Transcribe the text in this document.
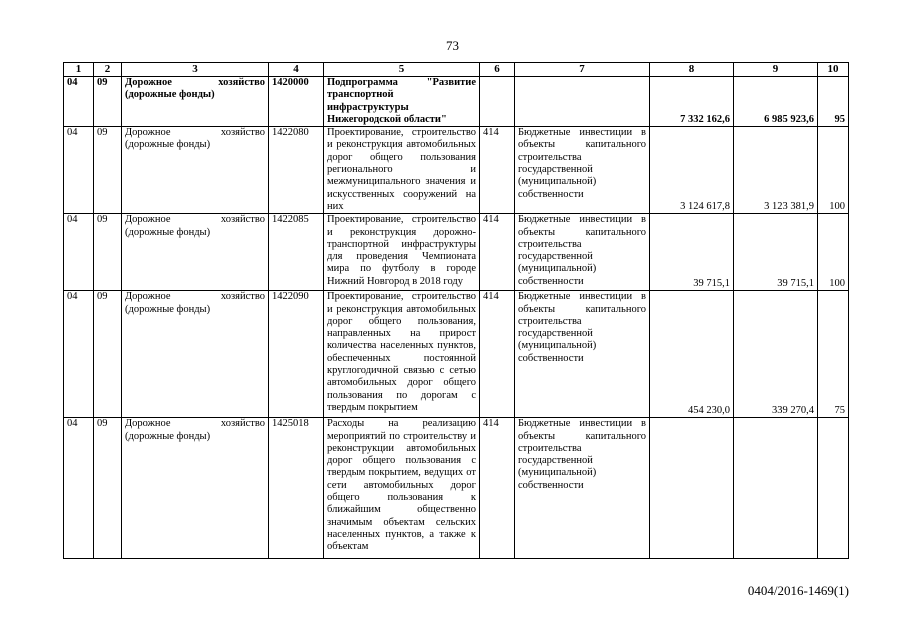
73
1	2	3	4	5	6	7	8	9	10
04	09	Дорожное хозяйство (дорожные фонды)	1420000	Подпрограмма "Развитие транспортной инфраструктуры Нижегородской области"			7 332 162,6	6 985 923,6	95
04	09	Дорожное хозяйство (дорожные фонды)	1422080	Проектирование, строительство и реконструкция автомобильных дорог общего пользования регионального и межмуниципального значения и искусственных сооружений на них	414	Бюджетные инвестиции в объекты капитального строительства государственной (муниципальной) собственности	3 124 617,8	3 123 381,9	100
04	09	Дорожное хозяйство (дорожные фонды)	1422085	Проектирование, строительство и реконструкция дорожно-транспортной инфраструктуры для проведения Чемпионата мира по футболу в городе Нижний Новгород в 2018 году	414	Бюджетные инвестиции в объекты капитального строительства государственной (муниципальной) собственности	39 715,1	39 715,1	100
04	09	Дорожное хозяйство (дорожные фонды)	1422090	Проектирование, строительство и реконструкция автомобильных дорог общего пользования, направленных на прирост количества населенных пунктов, обеспеченных постоянной круглогодичной связью с сетью автомобильных дорог общего пользования по дорогам с твердым покрытием	414	Бюджетные инвестиции в объекты капитального строительства государственной (муниципальной) собственности	454 230,0	339 270,4	75
04	09	Дорожное хозяйство (дорожные фонды)	1425018	Расходы на реализацию мероприятий по строительству и реконструкции автомобильных дорог общего пользования с твердым покрытием, ведущих от сети автомобильных дорог общего пользования к ближайшим общественно значимым объектам сельских населенных пунктов, а также к объектам	414	Бюджетные инвестиции в объекты капитального строительства государственной (муниципальной) собственности			
0404/2016-1469(1)
